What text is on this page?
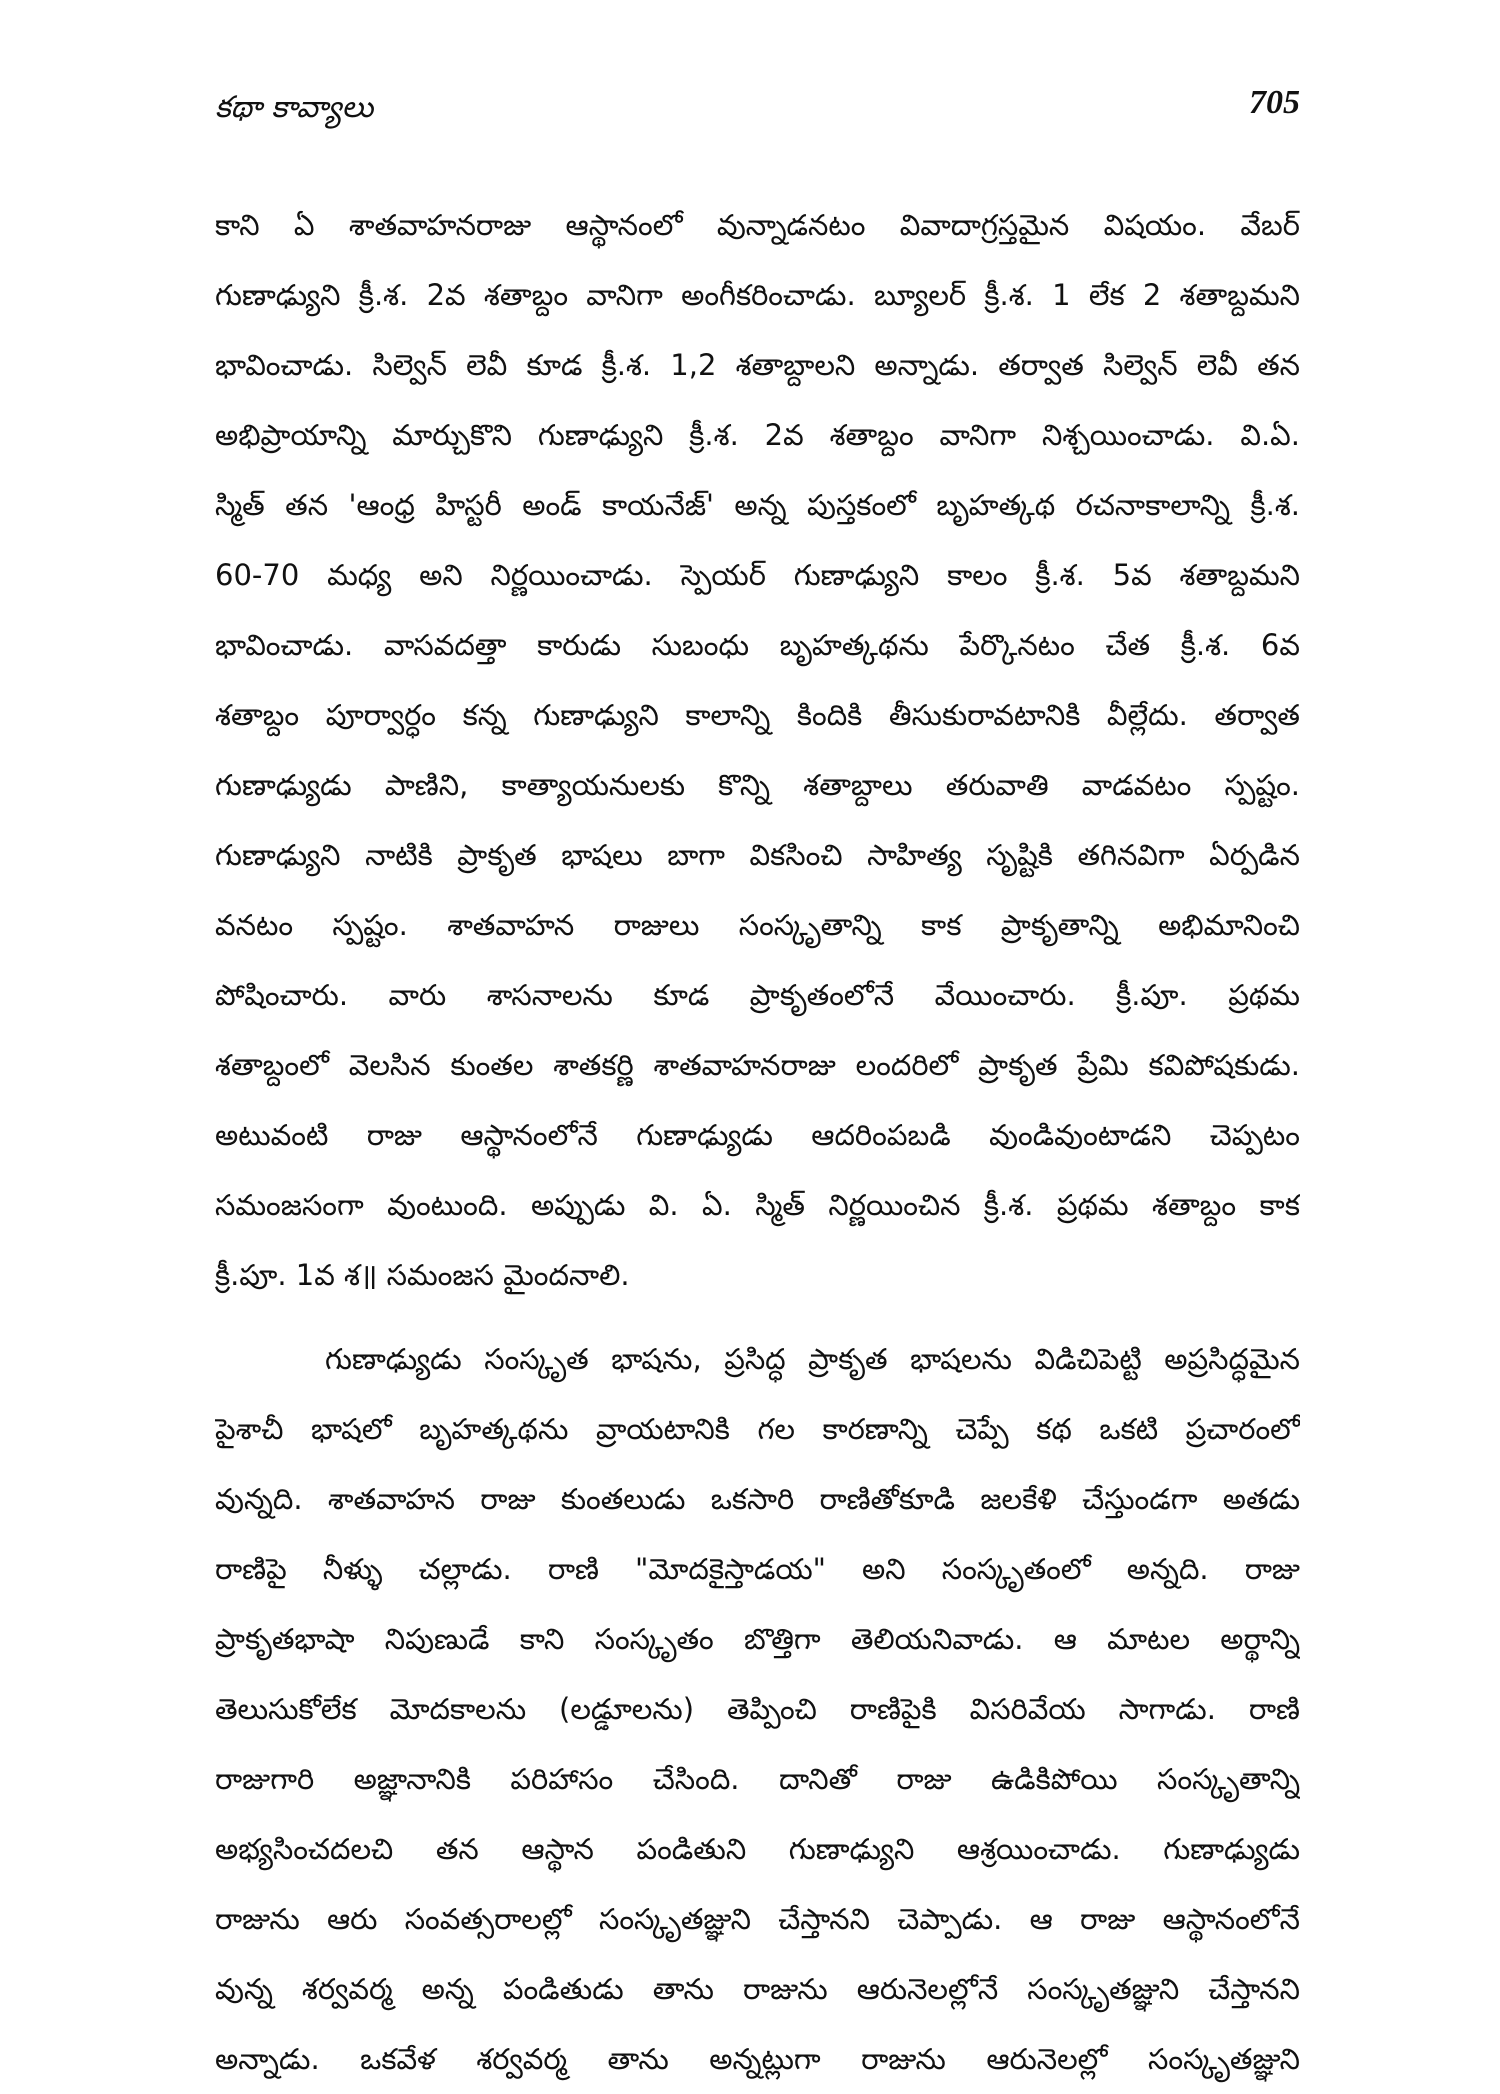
కథా కావ్యాలు	705
కాని ఏ శాతవాహనరాజు ఆస్థానంలో వున్నాడనటం వివాదాగ్రస్తమైన విషయం. వేబర్
గుణాఢ్యుని క్రీ.శ. 2వ శతాబ్దం వానిగా అంగీకరించాడు. బ్యూలర్ క్రీ.శ. 1 లేక 2 శతాబ్దమని
భావించాడు. సిల్వెన్ లెవీ కూడ క్రీ.శ. 1,2 శతాబ్దాలని అన్నాడు. తర్వాత సిల్వెన్ లెవీ తన
అభిప్రాయాన్ని మార్చుకొని గుణాఢ్యుని క్రీ.శ. 2వ శతాబ్దం వానిగా నిశ్చయించాడు. వి.ఏ.
స్మిత్ తన 'ఆంధ్ర హిస్టరీ అండ్ కాయనేజ్' అన్న పుస్తకంలో బృహత్కథ రచనాకాలాన్ని క్రీ.శ.
60-70 మధ్య అని నిర్ణయించాడు. స్పెయర్ గుణాఢ్యుని కాలం క్రీ.శ. 5వ శతాబ్దమని
భావించాడు. వాసవదత్తా కారుడు సుబంధు బృహత్కథను పేర్కొనటం చేత క్రీ.శ. 6వ
శతాబ్దం పూర్వార్ధం కన్న గుణాఢ్యుని కాలాన్ని కిందికి తీసుకురావటానికి వీల్లేదు. తర్వాత
గుణాఢ్యుడు పాణిని, కాత్యాయనులకు కొన్ని శతాబ్దాలు తరువాతి వాడవటం స్పష్టం.
గుణాఢ్యుని నాటికి ప్రాకృత భాషలు బాగా వికసించి సాహిత్య సృష్టికి తగినవిగా ఏర్పడిన
వనటం స్పష్టం. శాతవాహన రాజులు సంస్కృతాన్ని కాక ప్రాకృతాన్ని అభిమానించి
పోషించారు. వారు శాసనాలను కూడ ప్రాకృతంలోనే వేయించారు. క్రీ.పూ. ప్రథమ
శతాబ్దంలో వెలసిన కుంతల శాతకర్ణి శాతవాహనరాజు లందరిలో ప్రాకృత ప్రేమి కవిపోషకుడు.
అటువంటి రాజు ఆస్థానంలోనే గుణాఢ్యుడు ఆదరింపబడి వుండివుంటాడని చెప్పటం
సమంజసంగా వుంటుంది. అప్పుడు వి. ఏ. స్మిత్ నిర్ణయించిన క్రీ.శ. ప్రథమ శతాబ్దం కాక
క్రీ.పూ. 1వ శ॥ సమంజస మైందనాలి.
గుణాఢ్యుడు సంస్కృత భాషను, ప్రసిద్ధ ప్రాకృత భాషలను విడిచిపెట్టి అప్రసిద్ధమైన
పైశాచీ భాషలో బృహత్కథను వ్రాయటానికి గల కారణాన్ని చెప్పే కథ ఒకటి ప్రచారంలో
వున్నది. శాతవాహన రాజు కుంతలుడు ఒకసారి రాణితోకూడి జలకేళి చేస్తుండగా అతడు
రాణిపై నీళ్ళు చల్లాడు. రాణి "మోదకైస్తాడయ" అని సంస్కృతంలో అన్నది. రాజు
ప్రాకృతభాషా నిపుణుడే కాని సంస్కృతం బొత్తిగా తెలియనివాడు. ఆ మాటల అర్థాన్ని
తెలుసుకోలేక మోదకాలను (లడ్డూలను) తెప్పించి రాణిపైకి విసరివేయ సాగాడు. రాణి
రాజుగారి అజ్ఞానానికి పరిహాసం చేసింది. దానితో రాజు ఉడికిపోయి సంస్కృతాన్ని
అభ్యసించదలచి తన ఆస్థాన పండితుని గుణాఢ్యుని ఆశ్రయించాడు. గుణాఢ్యుడు
రాజును ఆరు సంవత్సరాలల్లో సంస్కృతజ్ఞుని చేస్తానని చెప్పాడు. ఆ రాజు ఆస్థానంలోనే
వున్న శర్వవర్మ అన్న పండితుడు తాను రాజును ఆరునెలల్లోనే సంస్కృతజ్ఞుని చేస్తానని
అన్నాడు. ఒకవేళ శర్వవర్మ తాను అన్నట్లుగా రాజును ఆరునెలల్లో సంస్కృతజ్ఞుని
